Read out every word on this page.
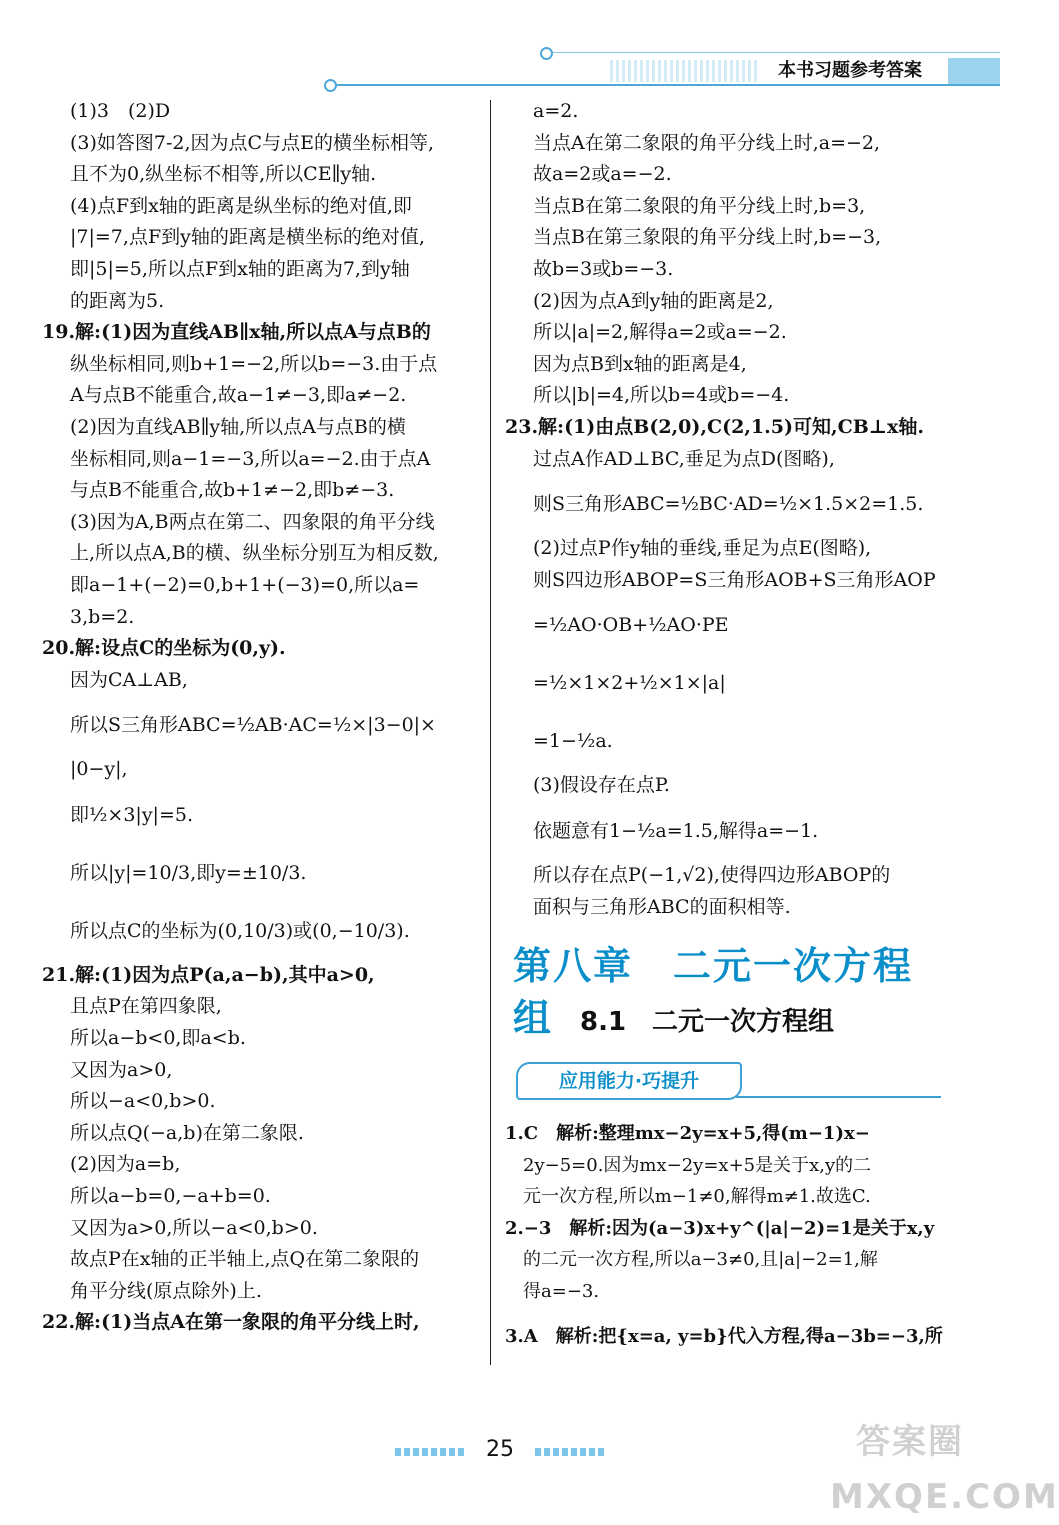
本书习题参考答案
(1)3　(2)D
(3)如答图7-2,因为点C与点E的横坐标相等,
且不为0,纵坐标不相等,所以CE∥y轴.
(4)点F到x轴的距离是纵坐标的绝对值,即
|7|=7,点F到y轴的距离是横坐标的绝对值,
即|5|=5,所以点F到x轴的距离为7,到y轴
的距离为5.
19.解:(1)因为直线AB∥x轴,所以点A与点B的
纵坐标相同,则b+1=−2,所以b=−3.由于点
A与点B不能重合,故a−1≠−3,即a≠−2.
(2)因为直线AB∥y轴,所以点A与点B的横
坐标相同,则a−1=−3,所以a=−2.由于点A
与点B不能重合,故b+1≠−2,即b≠−3.
(3)因为A,B两点在第二、四象限的角平分线
上,所以点A,B的横、纵坐标分别互为相反数,
即a−1+(−2)=0,b+1+(−3)=0,所以a=
3,b=2.
20.解:设点C的坐标为(0,y).
因为CA⊥AB,
所以S三角形ABC=½AB·AC=½×|3−0|×
|0−y|,
即½×3|y|=5.
所以|y|=10/3,即y=±10/3.
所以点C的坐标为(0,10/3)或(0,−10/3).
21.解:(1)因为点P(a,a−b),其中a>0,
且点P在第四象限,
所以a−b<0,即a<b.
又因为a>0,
所以−a<0,b>0.
所以点Q(−a,b)在第二象限.
(2)因为a=b,
所以a−b=0,−a+b=0.
又因为a>0,所以−a<0,b>0.
故点P在x轴的正半轴上,点Q在第二象限的
角平分线(原点除外)上.
22.解:(1)当点A在第一象限的角平分线上时,
a=2.
当点A在第二象限的角平分线上时,a=−2,
故a=2或a=−2.
当点B在第二象限的角平分线上时,b=3,
当点B在第三象限的角平分线上时,b=−3,
故b=3或b=−3.
(2)因为点A到y轴的距离是2,
所以|a|=2,解得a=2或a=−2.
因为点B到x轴的距离是4,
所以|b|=4,所以b=4或b=−4.
23.解:(1)由点B(2,0),C(2,1.5)可知,CB⊥x轴.
过点A作AD⊥BC,垂足为点D(图略),
则S三角形ABC=½BC·AD=½×1.5×2=1.5.
(2)过点P作y轴的垂线,垂足为点E(图略),
则S四边形ABOP=S三角形AOB+S三角形AOP
=½AO·OB+½AO·PE
=½×1×2+½×1×|a|
=1−½a.
(3)假设存在点P.
依题意有1−½a=1.5,解得a=−1.
所以存在点P(−1,√2),使得四边形ABOP的
面积与三角形ABC的面积相等.
第八章　二元一次方程组	8.1　二元一次方程组
应用能力·巧提升
1.C　解析:整理mx−2y=x+5,得(m−1)x−
2y−5=0.因为mx−2y=x+5是关于x,y的二
元一次方程,所以m−1≠0,解得m≠1.故选C.
2.−3　解析:因为(a−3)x+y^(|a|−2)=1是关于x,y
的二元一次方程,所以a−3≠0,且|a|−2=1,解
得a=−3.
3.A　解析:把{x=a, y=b}代入方程,得a−3b=−3,所
25	答案圈 MXQE.COM
